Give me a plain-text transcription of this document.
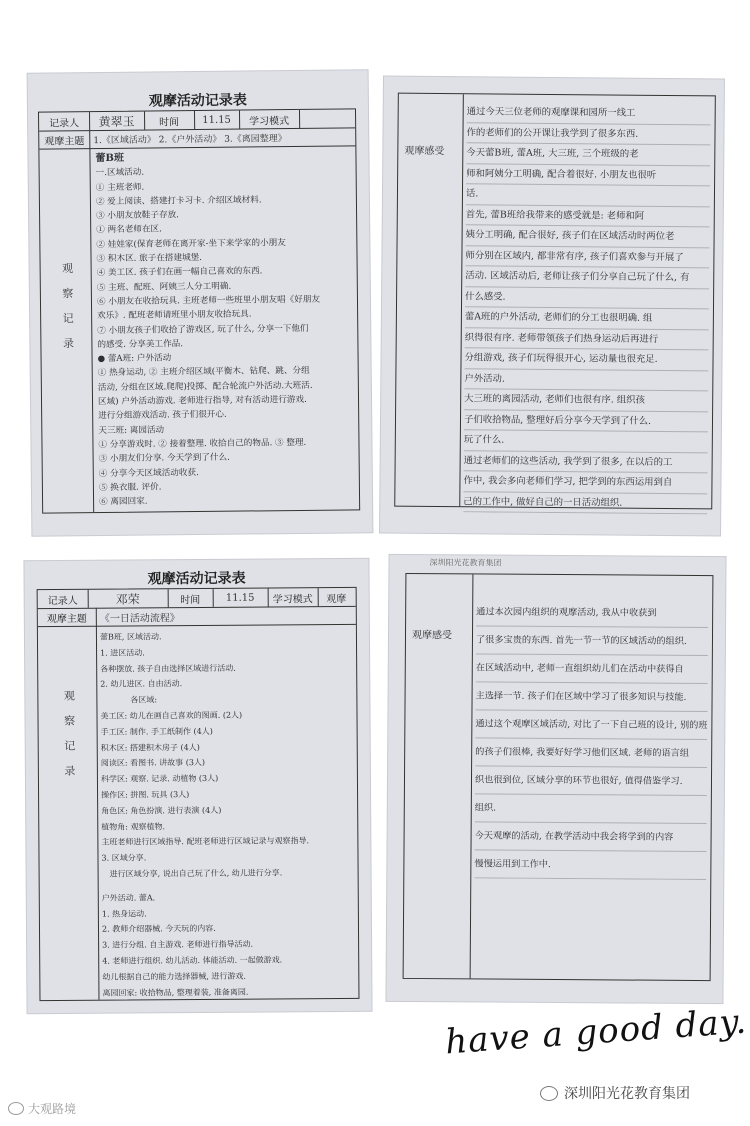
观摩活动记录表
记录人	黄翠玉	时间	11.15	学习模式
观摩主题 1.《区域活动》 2.《户外活动》 3.《离园整理》
观察记录
蕾B班
一.区域活动.
① 主班老师.
② 爱上阅读、搭建打卡习卡. 介绍区域材料.
③ 小朋友放鞋子存放.
① 两名老师在区.
② 娃娃家(保育老师在离开家-坐下来学家的小朋友
③ 积木区. 旅子在搭建城堡.
④ 美工区. 孩子们在画一幅自己喜欢的东西.
⑤ 主班、配班、阿姨三人分工明确.
⑥ 小朋友在收拾玩具. 主班老师一些班里小朋友唱《好朋友
欢乐》. 配班老师请班里小朋友收拾玩具.
⑦ 小朋友孩子们收拾了游戏区, 玩了什么, 分享一下他们
的感受. 分享美工作品.
● 蕾A班: 户外活动
① 热身运动, ② 主班介绍区域(平衡木、钻爬、跳、分组
活动, 分组在区域.爬爬)投掷、配合轮流户外活动.大班活.
区域) 户外活动游戏. 老师进行指导, 对有活动进行游戏.
进行分组游戏活动. 孩子们很开心.
天三班: 离园活动
① 分享游戏时. ② 接着整理. 收拾自己的物品. ③ 整理.
③ 小朋友们分享. 今天学到了什么.
④ 分享今天区域活动收获.
⑤ 换衣服. 评价.
⑥ 离园回家.
观摩感受
通过今天三位老师的观摩课和园所一线工
作的老师们的公开课让我学到了很多东西.
今天蕾B班, 蕾A班, 大三班, 三个班级的老
师和阿姨分工明确, 配合着很好. 小朋友也很听
话.
首先, 蕾B班给我带来的感受就是: 老师和阿
姨分工明确, 配合很好, 孩子们在区域活动时两位老
师分别在区域内, 都非常有序, 孩子们喜欢参与开展了
活动. 区域活动后, 老师让孩子们分享自己玩了什么, 有
什么感受.
蕾A班的户外活动, 老师们的分工也很明确. 组
织得很有序. 老师带领孩子们热身运动后再进行
分组游戏, 孩子们玩得很开心, 运动量也很充足.
户外活动.
大三班的离园活动, 老师们也很有序. 组织孩
子们收拾物品, 整理好后分享今天学到了什么.
玩了什么.
通过老师们的这些活动, 我学到了很多, 在以后的工
作中, 我会多向老师们学习, 把学到的东西运用到自
己的工作中, 做好自己的一日活动组织.
观摩活动记录表
记录人	邓荣	时间	11.15	学习模式	观摩
观摩主题	《一日活动流程》
观察记录
蕾B班, 区域活动.
1. 进区活动.
各种摆放. 孩子自由选择区域进行活动.
2. 幼儿进区. 自由活动.
各区域:
美工区: 幼儿在画自己喜欢的图画. (2人)
手工区: 制作. 手工纸制作 (4人)
积木区: 搭建积木房子 (4人)
阅读区: 看图书. 讲故事 (3人)
科学区: 观察. 记录. 动植物 (3人)
操作区: 拼图. 玩具 (3人)
角色区: 角色扮演. 进行表演 (4人)
植物角: 观察植物.
主班老师进行区域指导. 配班老师进行区域记录与观察指导.
3. 区域分享.
进行区域分享, 说出自己玩了什么, 幼儿进行分享.
户外活动. 蕾A.
1. 热身运动.
2. 教师介绍器械. 今天玩的内容.
3. 进行分组. 自主游戏. 老师进行指导活动.
4. 老师进行组织. 幼儿活动. 体能活动. 一起做游戏.
幼儿根据自己的能力选择器械, 进行游戏.
离园回家: 收拾物品, 整理着装, 准备离园.
深圳阳光花教育集团
观摩感受
通过本次园内组织的观摩活动, 我从中收获到
了很多宝贵的东西. 首先一节一节的区域活动的组织.
在区域活动中, 老师一直组织幼儿们在活动中获得自
主选择一节. 孩子们在区域中学习了很多知识与技能.
通过这个观摩区域活动, 对比了一下自己班的设计, 别的班
的孩子们很棒, 我要好好学习他们区域. 老师的语言组
织也很到位, 区域分享的环节也很好, 值得借鉴学习.
组织.
今天观摩的活动, 在教学活动中我会将学到的内容
慢慢运用到工作中.
have a good day.
大观路境
深圳阳光花教育集团
